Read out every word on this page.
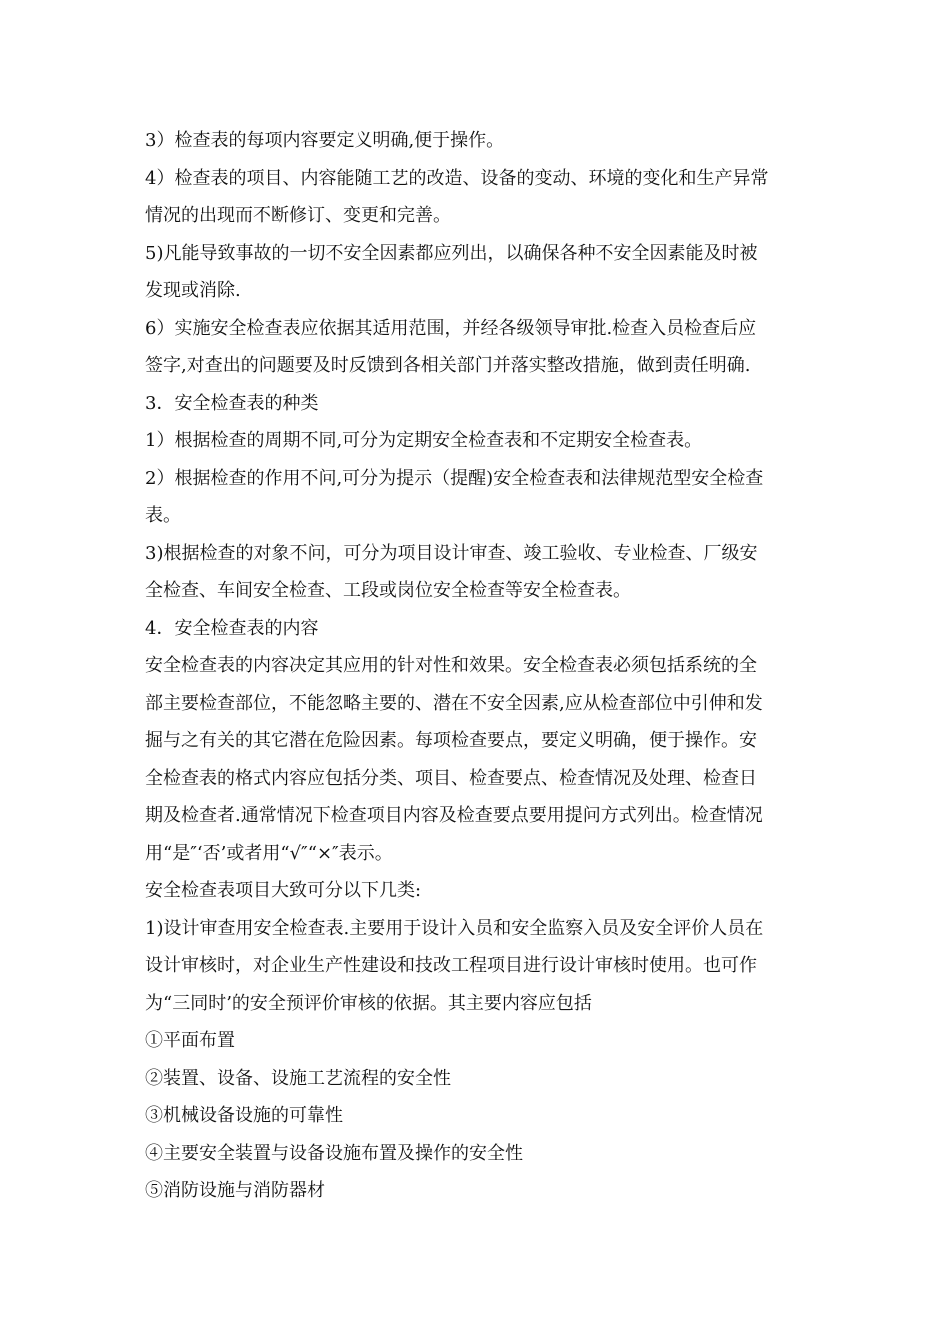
3）检查表的每项内容要定义明确,便于操作。
4）检查表的项目、内容能随工艺的改造、设备的变动、环境的变化和生产异常
情况的出现而不断修订、变更和完善。
5)凡能导致事故的一切不安全因素都应列出，以确保各种不安全因素能及时被
发现或消除.
6）实施安全检查表应依据其适用范围，并经各级领导审批.检查入员检查后应
签字,对查出的问题要及时反馈到各相关部门并落实整改措施，做到责任明确.
3．安全检查表的种类
1）根据检查的周期不同,可分为定期安全检查表和不定期安全检查表。
2）根据检查的作用不问,可分为提示（提醒)安全检查表和法律规范型安全检查
表。
3)根据检查的对象不问，可分为项目设计审查、竣工验收、专业检查、厂级安
全检查、车间安全检查、工段或岗位安全检查等安全检查表。
4．安全检查表的内容
安全检查表的内容决定其应用的针对性和效果。安全检查表必须包括系统的全
部主要检查部位，不能忽略主要的、潜在不安全因素,应从检查部位中引伸和发
掘与之有关的其它潜在危险因素。每项检查要点，要定义明确，便于操作。安
全检查表的格式内容应包括分类、项目、检查要点、检查情况及处理、检查日
期及检查者.通常情况下检查项目内容及检查要点要用提问方式列出。检查情况
用“是″‘否’或者用“√″“×″表示。
安全检查表项目大致可分以下几类:
1)设计审查用安全检查表.主要用于设计入员和安全监察入员及安全评价人员在
设计审核时，对企业生产性建设和技改工程项目进行设计审核时使用。也可作
为“三同时’的安全预评价审核的依据。其主要内容应包括
①平面布置
②装置、设备、设施工艺流程的安全性
③机械设备设施的可靠性
④主要安全装置与设备设施布置及操作的安全性
⑤消防设施与消防器材
